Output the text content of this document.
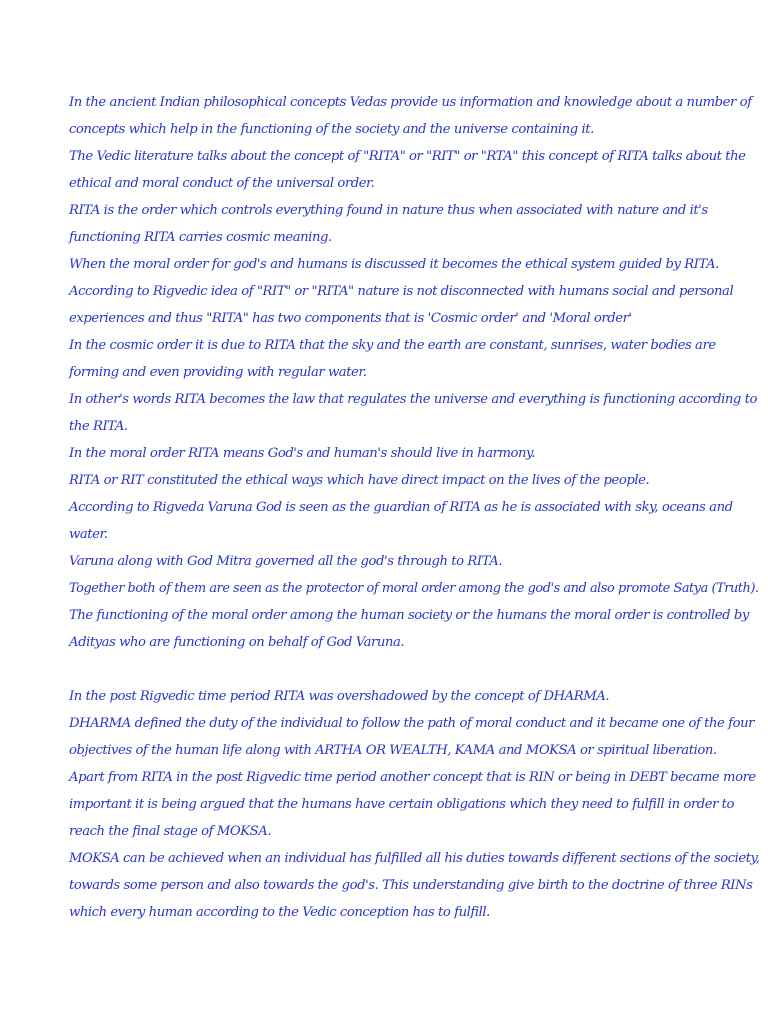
In the ancient Indian philosophical concepts Vedas provide us information and knowledge about a number of
concepts which help in the functioning of the society and the universe containing it.
The Vedic literature talks about the concept of "RITA" or "RIT" or "RTA" this concept of RITA talks about the
ethical and moral conduct of the universal order.
RITA is the order which controls everything found in nature thus when associated with nature and it's
functioning RITA carries cosmic meaning.
When the moral order for god's and humans is discussed it becomes the ethical system guided by RITA.
According to Rigvedic idea of "RIT" or "RITA" nature is not disconnected with humans social and personal
experiences and thus "RITA" has two components that is 'Cosmic order' and 'Moral order'
In the cosmic order it is due to RITA that the sky and the earth are constant, sunrises, water bodies are
forming and even providing with regular water.
In other's words RITA becomes the law that regulates the universe and everything is functioning according to
the RITA.
In the moral order RITA means God's and human's should live in harmony.
RITA or RIT constituted the ethical ways which have direct impact on the lives of the people.
According to Rigveda Varuna God is seen as the guardian of RITA as he is associated with sky, oceans and
water.
Varuna along with God Mitra governed all the god's through to RITA.
Together both of them are seen as the protector of moral order among the god's and also promote Satya (Truth).
The functioning of the moral order among the human society or the humans the moral order is controlled by
Adityas who are functioning on behalf of God Varuna.
In the post Rigvedic time period RITA was overshadowed by the concept of DHARMA.
DHARMA defined the duty of the individual to follow the path of moral conduct and it became one of the four
objectives of the human life along with ARTHA OR WEALTH, KAMA and MOKSA or spiritual liberation.
Apart from RITA in the post Rigvedic time period another concept that is RIN or being in DEBT became more
important it is being argued that the humans have certain obligations which they need to fulfill in order to
reach the final stage of MOKSA.
MOKSA can be achieved when an individual has fulfilled all his duties towards different sections of the society,
towards some person and also towards the god's. This understanding give birth to the doctrine of three RINs
which every human according to the Vedic conception has to fulfill.
